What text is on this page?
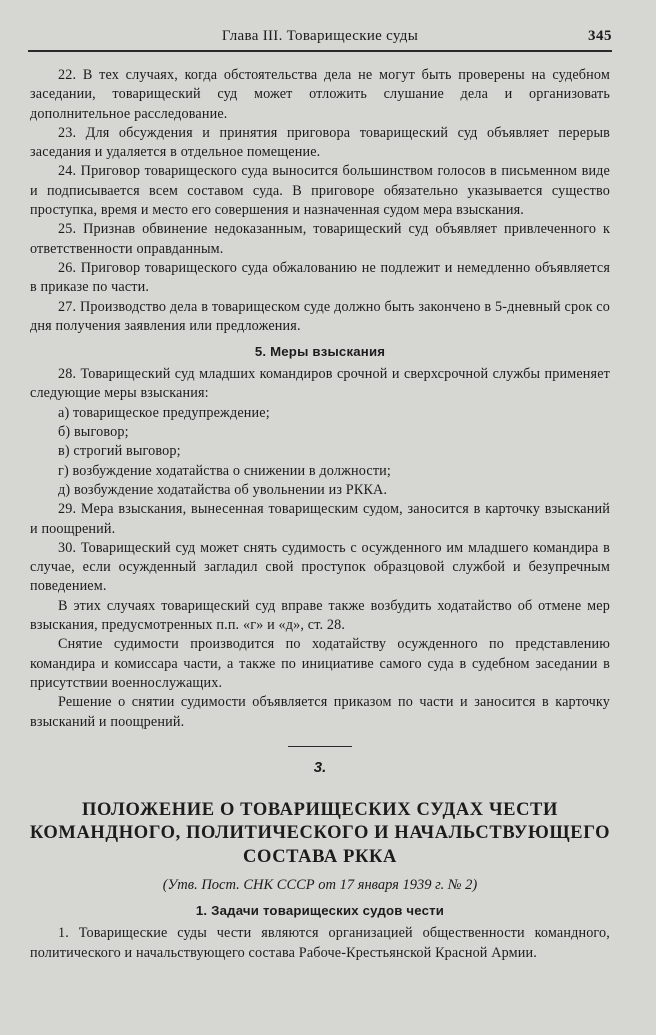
Глава III. Товарищеские суды	345

22. В тех случаях, когда обстоятельства дела не могут быть проверены на судебном заседании, товарищеский суд может отложить слушание дела и организовать дополнительное расследование.

23. Для обсуждения и принятия приговора товарищеский суд объявляет перерыв заседания и удаляется в отдельное помещение.

24. Приговор товарищеского суда выносится большинством голосов в письменном виде и подписывается всем составом суда. В приговоре обязательно указывается существо проступка, время и место его совершения и назначенная судом мера взыскания.

25. Признав обвинение недоказанным, товарищеский суд объявляет привлеченного к ответственности оправданным.

26. Приговор товарищеского суда обжалованию не подлежит и немедленно объявляется в приказе по части.

27. Производство дела в товарищеском суде должно быть закончено в 5-дневный срок со дня получения заявления или предложения.

5. Меры взыскания

28. Товарищеский суд младших командиров срочной и сверхсрочной службы применяет следующие меры взыскания:

а) товарищеское предупреждение;

б) выговор;

в) строгий выговор;

г) возбуждение ходатайства о снижении в должности;

д) возбуждение ходатайства об увольнении из РККА.

29. Мера взыскания, вынесенная товарищеским судом, заносится в карточку взысканий и поощрений.

30. Товарищеский суд может снять судимость с осужденного им младшего командира в случае, если осужденный загладил свой проступок образцовой службой и безупречным поведением.

В этих случаях товарищеский суд вправе также возбудить ходатайство об отмене мер взыскания, предусмотренных п.п. «г» и «д», ст. 28.

Снятие судимости производится по ходатайству осужденного по представлению командира и комиссара части, а также по инициативе самого суда в судебном заседании в присутствии военнослужащих.

Решение о снятии судимости объявляется приказом по части и заносится в карточку взысканий и поощрений.

3.
ПОЛОЖЕНИЕ О ТОВАРИЩЕСКИХ СУДАХ ЧЕСТИ КОМАНДНОГО, ПОЛИТИЧЕСКОГО И НАЧАЛЬСТВУЮЩЕГО СОСТАВА РККА
(Утв. Пост. СНК СССР от 17 января 1939 г. № 2)
1. Задачи товарищеских судов чести

1. Товарищеские суды чести являются организацией общественности командного, политического и начальствующего состава Рабоче-Крестьянской Красной Армии.
